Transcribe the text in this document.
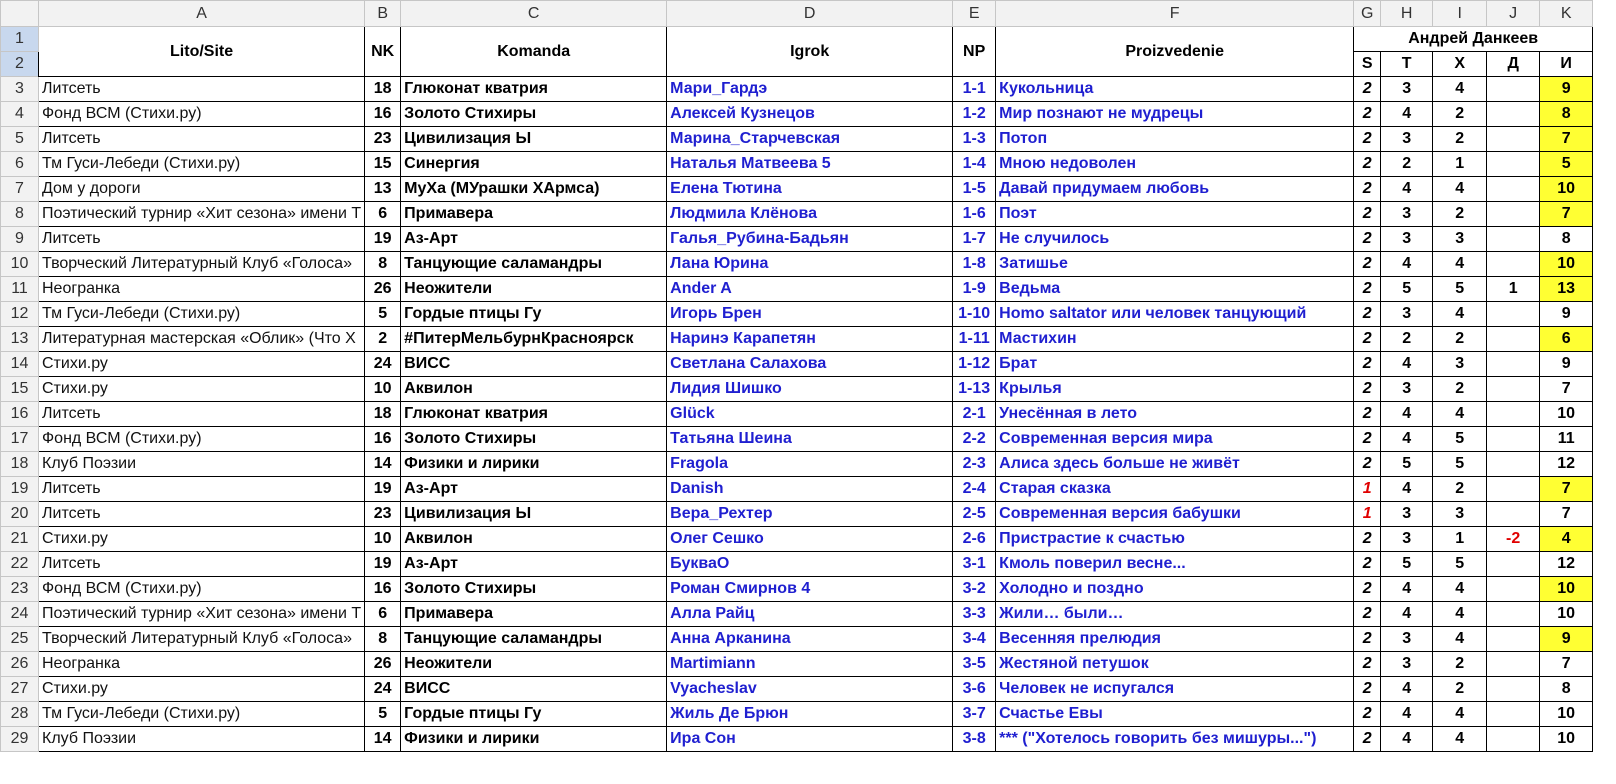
	A	B	C	D	E	F	G	H	I	J	K
1	Lito/Site	NK	Komanda	Igrok	NP	Proizvedenie	Андрей Данкеев				
2							S	Т	Х	Д	И
3	Литсеть	18	Глюконат кватрия	Мари_Гардэ	1-1	Кукольница	2	3	4		9
4	Фонд ВСМ (Стихи.ру)	16	Золото Стихиры	Алексей Кузнецов	1-2	Мир познают не мудрецы	2	4	2		8
5	Литсеть	23	Цивилизация Ы	Марина_Старчевская	1-3	Потоп	2	3	2		7
6	Тм Гуси-Лебеди (Стихи.ру)	15	Синергия	Наталья Матвеева 5	1-4	Мною недоволен	2	2	1		5
7	Дом у дороги	13	МуХа (МУрашки ХАрмса)	Елена Тютина	1-5	Давай придумаем любовь	2	4	4		10
8	Поэтический турнир «Хит сезона» имени Т	6	Примавера	Людмила Клёнова	1-6	Поэт	2	3	2		7
9	Литсеть	19	Аз-Арт	Галья_Рубина-Бадьян	1-7	Не случилось	2	3	3		8
10	Творческий Литературный Клуб «Голоса»	8	Танцующие саламандры	Лана Юрина	1-8	Затишье	2	4	4		10
11	Неогранка	26	Неожители	Ander A	1-9	Ведьма	2	5	5	1	13
12	Тм Гуси-Лебеди (Стихи.ру)	5	Гордые птицы Гу	Игорь Брен	1-10	Homo saltator или человек танцующий	2	3	4		9
13	Литературная мастерская «Облик» (Что Х	2	#ПитерМельбурнКрасноярск	Наринэ Карапетян	1-11	Мастихин	2	2	2		6
14	Стихи.ру	24	ВИСС	Светлана Салахова	1-12	Брат	2	4	3		9
15	Стихи.ру	10	Аквилон	Лидия Шишко	1-13	Крылья	2	3	2		7
16	Литсеть	18	Глюконат кватрия	Glück	2-1	Унесённая в лето	2	4	4		10
17	Фонд ВСМ (Стихи.ру)	16	Золото Стихиры	Татьяна Шеина	2-2	Современная версия мира	2	4	5		11
18	Клуб Поэзии	14	Физики и лирики	Fragola	2-3	Алиса здесь больше не живёт	2	5	5		12
19	Литсеть	19	Аз-Арт	Danish	2-4	Старая сказка	1	4	2		7
20	Литсеть	23	Цивилизация Ы	Вера_Рехтер	2-5	Современная версия бабушки	1	3	3		7
21	Стихи.ру	10	Аквилон	Олег Сешко	2-6	Пристрастие к счастью	2	3	1	-2	4
22	Литсеть	19	Аз-Арт	БукваО	3-1	Кмоль поверил весне...	2	5	5		12
23	Фонд ВСМ (Стихи.ру)	16	Золото Стихиры	Роман Смирнов 4	3-2	Холодно и поздно	2	4	4		10
24	Поэтический турнир «Хит сезона» имени Т	6	Примавера	Алла Райц	3-3	Жили… были…	2	4	4		10
25	Творческий Литературный Клуб «Голоса»	8	Танцующие саламандры	Анна Арканина	3-4	Весенняя прелюдия	2	3	4		9
26	Неогранка	26	Неожители	Martimiann	3-5	Жестяной петушок	2	3	2		7
27	Стихи.ру	24	ВИСС	Vyacheslav	3-6	Человек не испугался	2	4	2		8
28	Тм Гуси-Лебеди (Стихи.ру)	5	Гордые птицы Гу	Жиль Де Брюн	3-7	Счастье Евы	2	4	4		10
29	Клуб Поэзии	14	Физики и лирики	Ира Сон	3-8	*** ("Хотелось говорить без мишуры...")	2	4	4		10
